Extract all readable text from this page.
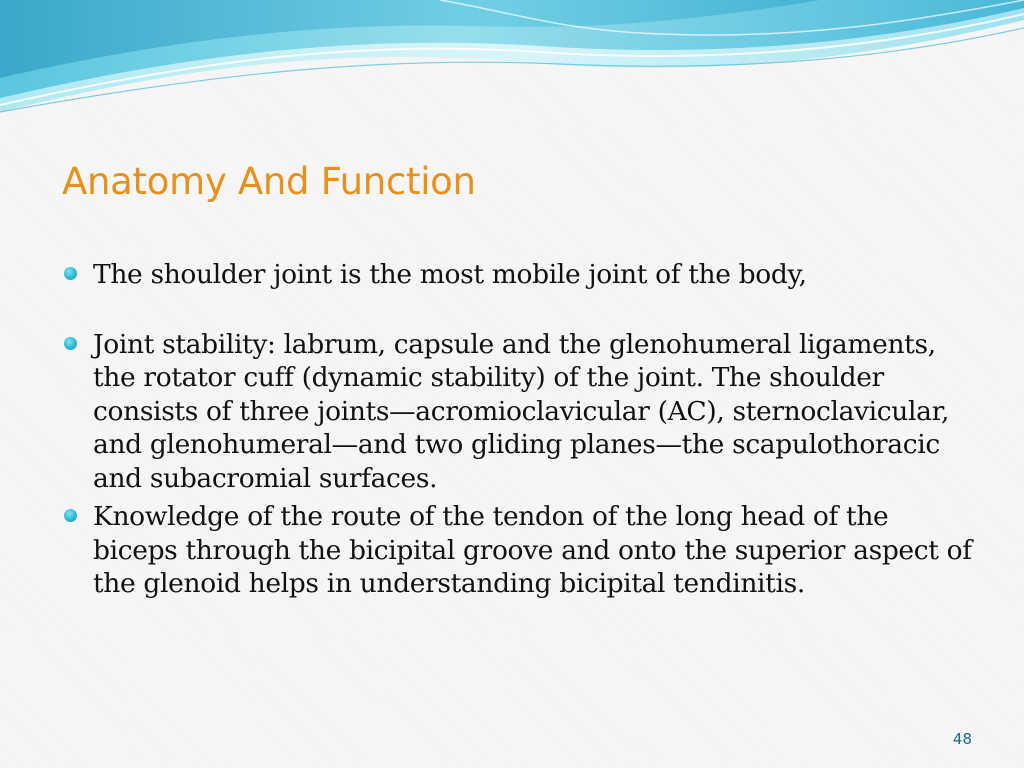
Anatomy And Function
The shoulder joint is the most mobile joint of the body,
Joint stability: labrum, capsule and the glenohumeral ligaments, the rotator cuff (dynamic stability) of the joint. The shoulder consists of three joints—acromioclavicular (AC), sternoclavicular, and glenohumeral—and two gliding planes—the scapulothoracic and subacromial surfaces.
Knowledge of the route of the tendon of the long head of the biceps through the bicipital groove and onto the superior aspect of the glenoid helps in understanding bicipital tendinitis.
48
